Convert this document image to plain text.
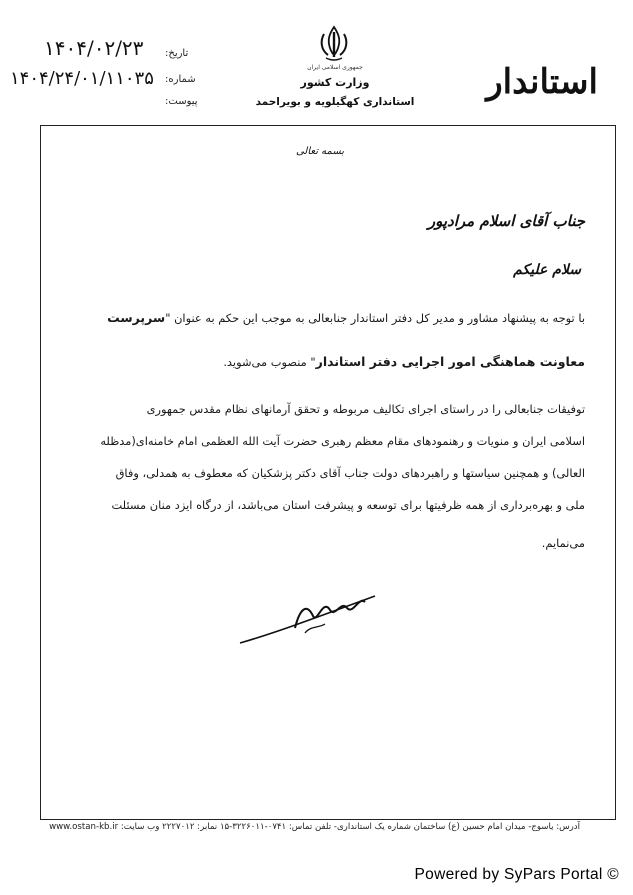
جمهوری اسلامی ایران
وزارت کشور
استانداری کهگیلویه و بویراحمد استاندار
تاریخ:
۱۴۰۴/۰۲/۲۳
شماره:
۱۴۰۴/۲۴/۰۱/۱۱۰۳۵
پیوست:
بسمه تعالی
جناب آقای اسلام مرادپور
سلام علیکم
با توجه به پیشنهاد مشاور و مدیر کل دفتر استاندار جنابعالی به موجب این حکم به عنوان "سرپرست
معاونت هماهنگی امور اجرایی دفتر استاندار" منصوب می‌شوید.
توفیقات جنابعالی را در راستای اجرای تکالیف مربوطه و تحقق آرمانهای نظام مقدس جمهوری
اسلامی ایران و منویات و رهنمودهای مقام معظم رهبری حضرت آیت الله العظمی امام خامنه‌ای(مدظله
العالی) و همچنین سیاستها و راهبردهای دولت جناب آقای دکتر پزشکیان که معطوف به همدلی، وفاق
ملی و بهره‌برداری از همه ظرفیتها برای توسعه و پیشرفت استان می‌باشد، از درگاه ایزد منان مسئلت
می‌نمایم.
آدرس: یاسوج- میدان امام حسین (ع) ساختمان شماره یک استانداری- تلفن تماس: ۰۷۴۱-۳۲۲۶۰۱۱-۱۵ نمابر: ۲۲۲۷۰۱۲ وب سایت: www.ostan-kb.ir
Powered by SyPars Portal ©
